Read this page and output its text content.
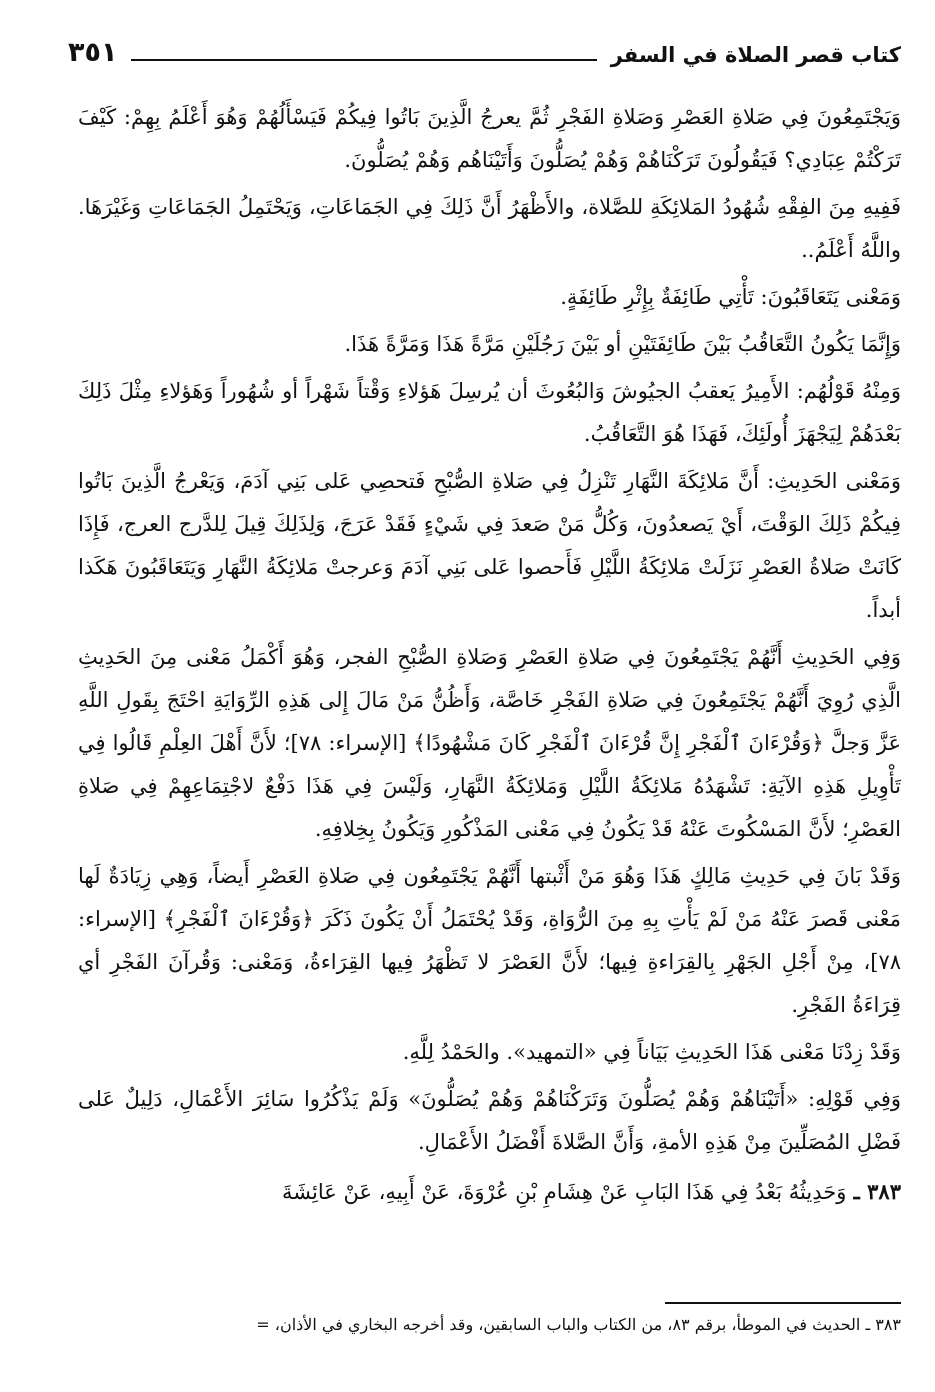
كتاب قصر الصلاة في السفر
٣٥١

وَيَجْتَمِعُونَ فِي صَلاةِ العَصْرِ وَصَلاةِ الفَجْرِ ثُمَّ يعرجُ الَّذِينَ بَاتُوا فِيكُمْ فَيَسْأَلُهُمْ وَهُوَ أَعْلَمُ بِهِمْ: كَيْفَ تَرَكْتُمْ عِبَادِي؟ فَيَقُولُونَ تَرَكْنَاهُمْ وَهُمْ يُصَلُّونَ وَأَتَيْنَاهُم وَهُمْ يُصَلُّونَ.

فَفِيهِ مِنَ الفِقْهِ شُهُودُ المَلائِكَةِ للصَّلاة، والأَظْهَرُ أَنَّ ذَلِكَ فِي الجَمَاعَاتِ، وَيَحْتَمِلُ الجَمَاعَاتِ وَغَيْرَهَا. واللَّهُ أَعْلَمُ..

وَمَعْنى يَتَعَاقَبُونَ: تَأْتِي طَائِفَةٌ بِإِثْرِ طَائِفَةٍ.

وَإِنَّمَا يَكُونُ التَّعَاقُبُ بَيْنَ طَائِفَتَيْنِ أو بَيْنَ رَجُلَيْنِ مَرَّةً هَذَا وَمَرَّةً هَذَا.

وَمِنْهُ قَوْلُهُم: الأَمِيرُ يَعقبُ الجيُوشَ وَالبُعُوثَ أن يُرسِلَ هَؤلاءِ وَقْتاً شَهْراً أو شُهُوراً وَهَؤلاءِ مِثْلَ ذَلِكَ بَعْدَهُمْ لِيَجْهَزَ أُولَئِكَ، فَهَذَا هُوَ التَّعَاقُبُ.

وَمَعْنى الحَدِيثِ: أَنَّ مَلائِكَةَ النَّهَارِ تَنْزِلُ فِي صَلاةِ الصُّبْحِ فَتحصِي عَلى بَنِي آدَمَ، وَيَعْرجُ الَّذِينَ بَاتُوا فِيكُمْ ذَلِكَ الوَقْتَ، أَيْ يَصعدُونَ، وَكُلُّ مَنْ صَعدَ فِي شَيْءٍ فَقَدْ عَرَجَ، وَلِذَلِكَ قِيلَ لِلدَّرج العرج، فَإِذَا كَانَتْ صَلاةُ العَصْرِ نَزَلَتْ مَلائِكَةُ اللَّيْلِ فَأَحصوا عَلى بَنِي آدَمَ وَعرجتْ مَلائِكَةُ النَّهَارِ وَيَتَعَاقَبُونَ هَكَذا أبداً.

وَفِي الحَدِيثِ أَنَّهُمْ يَجْتَمِعُونَ فِي صَلاةِ العَصْرِ وَصَلاةِ الصُّبْحِ الفجر، وَهُوَ أَكْمَلُ مَعْنى مِنَ الحَدِيثِ الَّذِي رُوِيَ أَنَّهُمْ يَجْتَمِعُونَ فِي صَلاةِ الفَجْرِ خَاصَّة، وَأَظُنُّ مَنْ مَالَ إِلى هَذِهِ الرِّوَايَةِ احْتَجَ بِقَولِ اللَّهِ عَزَّ وَجلَّ ﴿وَقُرْءَانَ ٱلْفَجْرِ إِنَّ قُرْءَانَ ٱلْفَجْرِ كَانَ مَشْهُودًا﴾ [الإسراء: ٧٨]؛ لأَنَّ أَهْلَ العِلْمِ قَالُوا فِي تَأْوِيلِ هَذِهِ الآيَةِ: تَشْهَدُهُ مَلائِكَةُ اللَّيْلِ وَمَلائِكَةُ النَّهَارِ، وَلَيْسَ فِي هَذَا دَفْعٌ لاجْتِمَاعِهِمْ فِي صَلاةِ العَصْرِ؛ لأَنَّ المَسْكُوتَ عَنْهُ قَدْ يَكُونُ فِي مَعْنى المَذْكُورِ وَيَكُونُ بِخِلافِهِ.

وَقَدْ بَانَ فِي حَدِيثِ مَالِكٍ هَذَا وَهُوَ مَنْ أَثْبتها أَنَّهُمْ يَجْتَمِعُون فِي صَلاةِ العَصْرِ أَيضاً، وَهِي زِيَادَةٌ لَها مَعْنى قَصرَ عَنْهُ مَنْ لَمْ يَأْتِ بِهِ مِنَ الرُّوَاةِ، وَقَدْ يُحْتَمَلُ أَنْ يَكُونَ ذَكَرَ ﴿وَقُرْءَانَ ٱلْفَجْرِ﴾ [الإسراء: ٧٨]، مِنْ أَجْلِ الجَهْرِ بِالقِرَاءةِ فِيها؛ لأَنَّ العَصْرَ لا تَظْهَرُ فِيها القِرَاءةُ، وَمَعْنى: وَقُرآنَ الفَجْرِ أي قِرَاءَةُ الفَجْرِ.

وَقَدْ زِدْنَا مَعْنى هَذَا الحَدِيثِ بَيَاناً فِي «التمهيد». والحَمْدُ لِلَّهِ.

وَفِي قَوْلِهِ: «أَتَيْنَاهُمْ وَهُمْ يُصَلُّونَ وَتَرَكْنَاهُمْ وَهُمْ يُصَلُّونَ» وَلَمْ يَذْكُرُوا سَائِرَ الأَعْمَالِ، دَلِيلٌ عَلى فَضْلِ المُصَلِّينَ مِنْ هَذِهِ الأمةِ، وَأَنَّ الصَّلاةَ أَفْضَلُ الأَعْمَالِ.

٣٨٣ ـ وَحَدِيثُهُ بَعْدُ فِي هَذَا البَابِ عَنْ هِشَامِ بْنِ عُرْوَةَ، عَنْ أَبِيهِ، عَنْ عَائِشَةَ

٣٨٣ ـ الحديث في الموطأ، برقم ٨٣، من الكتاب والباب السابقين، وقد أخرجه البخاري في الأذان، =
